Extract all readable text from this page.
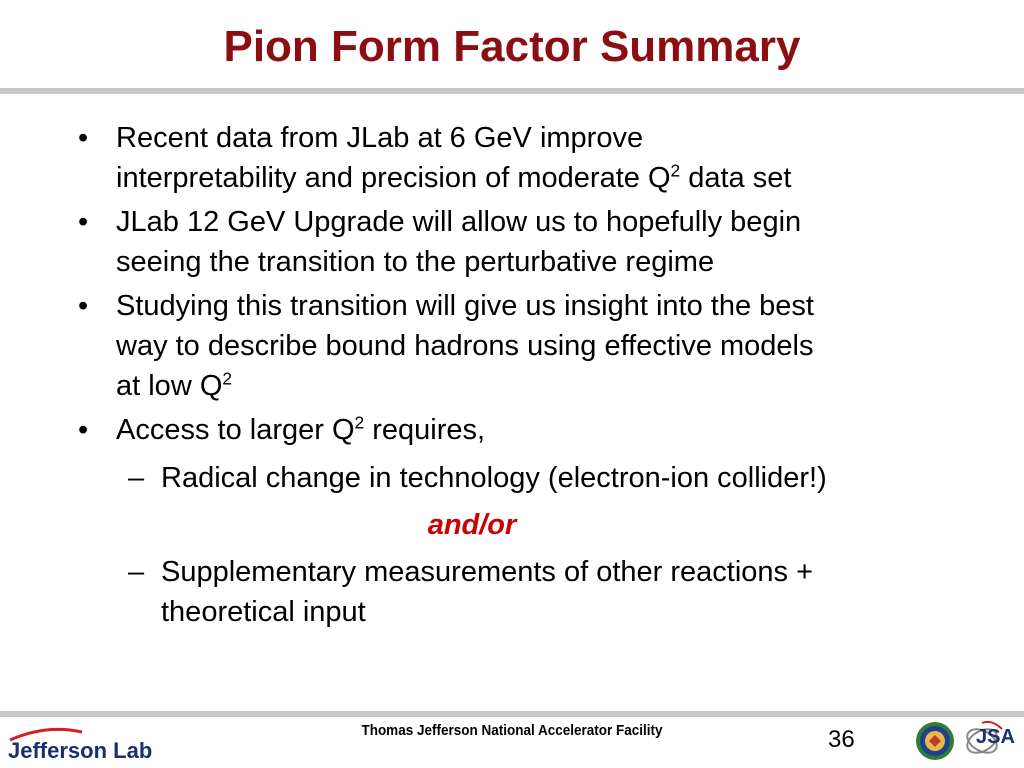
Pion Form Factor Summary
• Recent data from JLab at 6 GeV improve
interpretability and precision of moderate $Q^2$ data set
• JLab 12 GeV Upgrade will allow us to hopefully begin
seeing the transition to the perturbative regime
• Studying this transition will give us insight into the best
way to describe bound hadrons using effective models
at low $Q^2$
• Access to larger $Q^2$ requires,
– Radical change in technology (electron-ion collider!)
and/or
– Supplementary measurements of other reactions +
theoretical input
Jefferson Lab
Thomas Jefferson National Accelerator Facility	36	JSA
